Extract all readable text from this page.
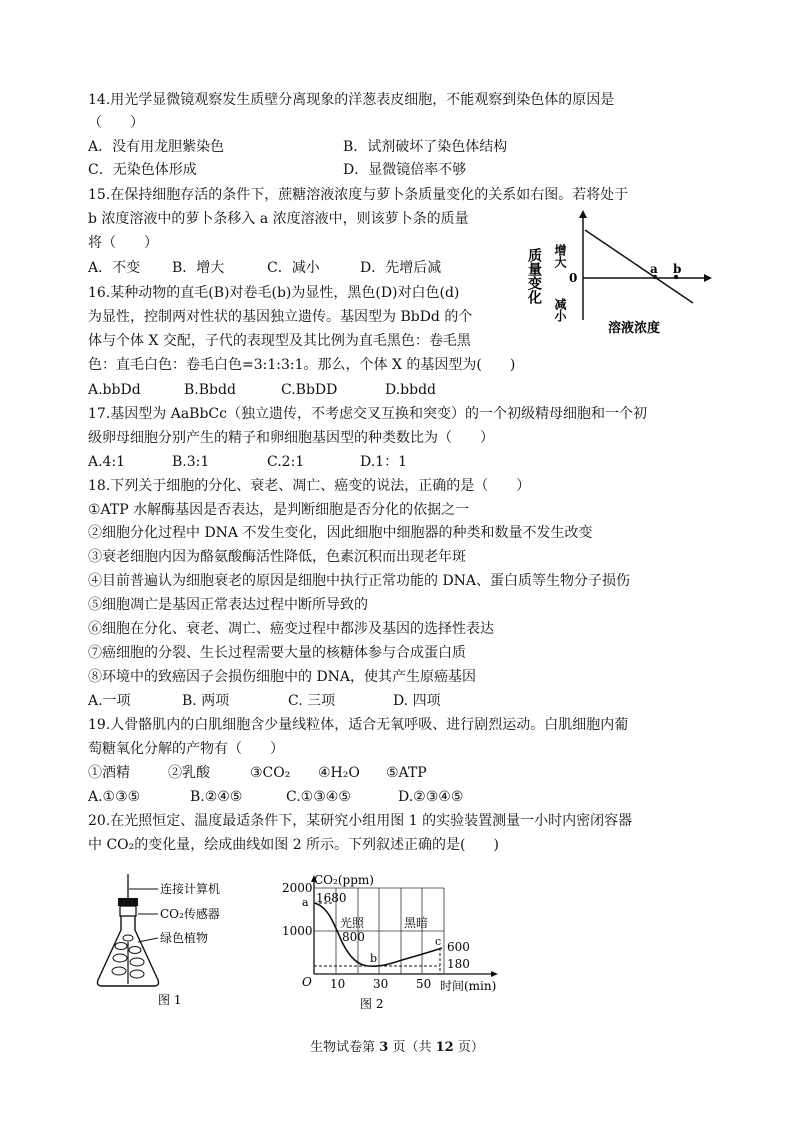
14.用光学显微镜观察发生质壁分离现象的洋葱表皮细胞，不能观察到染色体的原因是
（　　）
A．没有用龙胆紫染色	B．试剂破坏了染色体结构
C．无染色体形成	D．显微镜倍率不够
15.在保持细胞存活的条件下，蔗糖溶液浓度与萝卜条质量变化的关系如右图。若将处于
b 浓度溶液中的萝卜条移入 a 浓度溶液中，则该萝卜条的质量
将（　　）
A．不变 B．增大	C．减小	D．先增后减	a b
增大
0
减小
质量变化
溶液浓度
16.某种动物的直毛(B)对卷毛(b)为显性，黑色(D)对白色(d)
为显性，控制两对性状的基因独立遗传。基因型为 BbDd 的个
体与个体 X 交配，子代的表现型及其比例为直毛黑色：卷毛黑
色：直毛白色：卷毛白色=3:1:3:1。那么，个体 X 的基因型为(　　)
A.bbDd	B.Bbdd	C.BbDD	D.bbdd
17.基因型为 AaBbCc（独立遗传，不考虑交叉互换和突变）的一个初级精母细胞和一个初
级卵母细胞分别产生的精子和卵细胞基因型的种类数比为（　　）
A.4:1	B.3:1	C.2:1	D.1：1
18.下列关于细胞的分化、衰老、凋亡、癌变的说法，正确的是（　　）
①ATP 水解酶基因是否表达，是判断细胞是否分化的依据之一
②细胞分化过程中 DNA 不发生变化，因此细胞中细胞器的种类和数量不发生改变
③衰老细胞内因为酪氨酸酶活性降低，色素沉积而出现老年斑
④目前普遍认为细胞衰老的原因是细胞中执行正常功能的 DNA、蛋白质等生物分子损伤
⑤细胞凋亡是基因正常表达过程中断所导致的
⑥细胞在分化、衰老、凋亡、癌变过程中都涉及基因的选择性表达
⑦癌细胞的分裂、生长过程需要大量的核糖体参与合成蛋白质
⑧环境中的致癌因子会损伤细胞中的 DNA，使其产生原癌基因
A.一项	B. 两项	C. 三项	D. 四项
19.人骨骼肌内的白肌细胞含少量线粒体，适合无氧呼吸、进行剧烈运动。白肌细胞内葡
萄糖氧化分解的产物有（　　）
①酒精	②乳酸	③CO₂ ④H₂O ⑤ATP
A.①③⑤	B.②④⑤	C.①③④⑤	D.②③④⑤
20.在光照恒定、温度最适条件下，某研究小组用图 1 的实验装置测量一小时内密闭容器
中 CO₂的变化量，绘成曲线如图 2 所示。下列叙述正确的是(　　)
连接计算机
CO₂传感器
绿色植物
图 1
2000
1000
O 10 30 50
CO₂(ppm)
时间(min)
1680
a
800
b
c 600
180
光照	黑暗
图 2
生物试卷第 3 页（共 12 页）
